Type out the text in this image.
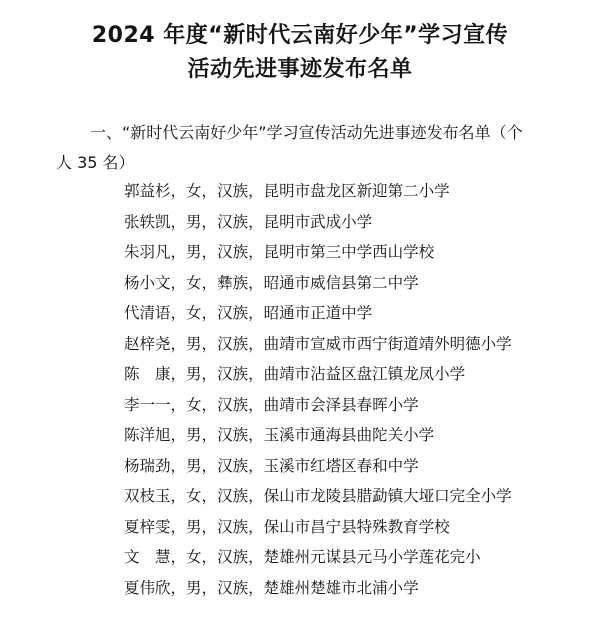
2024 年度“新时代云南好少年”学习宣传
活动先进事迹发布名单

一、“新时代云南好少年”学习宣传活动先进事迹发布名单（个
人 35 名）

郭益杉 ， 女 ， 汉族 ， 昆明市盘龙区新迎第二小学
张轶凯 ， 男 ， 汉族 ， 昆明市武成小学
朱羽凡 ， 男 ， 汉族 ， 昆明市第三中学西山学校
杨小文 ， 女 ， 彝族 ， 昭通市威信县第二中学
代清语 ， 女 ， 汉族 ， 昭通市正道中学
赵梓尧 ， 男 ， 汉族 ， 曲靖市宣威市西宁街道靖外明德小学
陈　康 ， 男 ， 汉族 ， 曲靖市沾益区盘江镇龙凤小学
李一一 ， 女 ， 汉族 ， 曲靖市会泽县春晖小学
陈洋旭 ， 男 ， 汉族 ， 玉溪市通海县曲陀关小学
杨瑞劲 ， 男 ， 汉族 ， 玉溪市红塔区春和中学
双枝玉 ， 女 ， 汉族 ， 保山市龙陵县腊勐镇大垭口完全小学
夏梓雯 ， 男 ， 汉族 ， 保山市昌宁县特殊教育学校
文　慧 ， 女 ， 汉族 ， 楚雄州元谋县元马小学莲花完小
夏伟欣 ， 男 ， 汉族 ， 楚雄州楚雄市北浦小学
